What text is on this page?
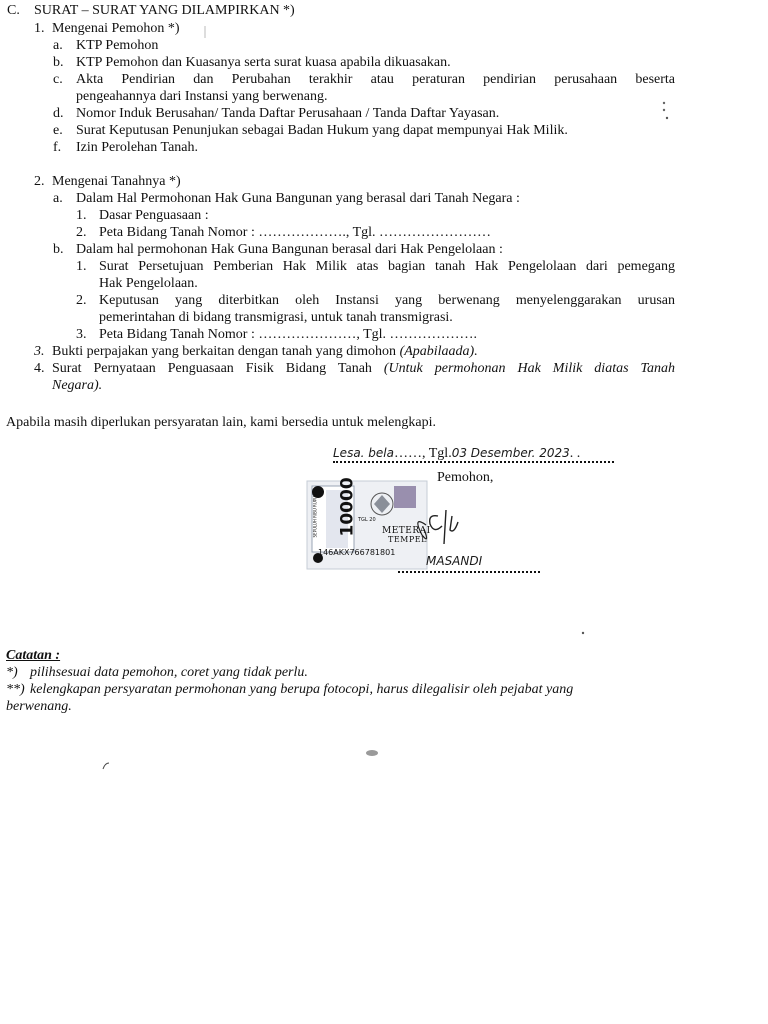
C. SURAT – SURAT YANG DILAMPIRKAN *)
1. Mengenai Pemohon *)
a. KTP Pemohon
b. KTP Pemohon dan Kuasanya serta surat kuasa apabila dikuasakan.
c. Akta Pendirian dan Perubahan terakhir atau peraturan pendirian perusahaan beserta
pengeahannya dari Instansi yang berwenang.
d. Nomor Induk Berusahan/ Tanda Daftar Perusahaan / Tanda Daftar Yayasan.
e. Surat Keputusan Penunjukan sebagai Badan Hukum yang dapat mempunyai Hak Milik.
f. Izin Perolehan Tanah.
2. Mengenai Tanahnya *)
a. Dalam Hal Permohonan Hak Guna Bangunan yang berasal dari Tanah Negara :
1. Dasar Penguasaan :
2. Peta Bidang Tanah Nomor : ………………., Tgl. ……………………
b. Dalam hal permohonan Hak Guna Bangunan berasal dari Hak Pengelolaan :
1. Surat Persetujuan Pemberian Hak Milik atas bagian tanah Hak Pengelolaan dari pemegang
Hak Pengelolaan.
2. Keputusan yang diterbitkan oleh Instansi yang berwenang menyelenggarakan urusan
pemerintahan di bidang transmigrasi, untuk tanah transmigrasi.
3. Peta Bidang Tanah Nomor : …………………, Tgl. ……………….
3. Bukti perpajakan yang berkaitan dengan tanah yang dimohon (Apabilaada).
4. Surat Pernyataan Penguasaan Fisik Bidang Tanah (Untuk permohonan Hak Milik diatas Tanah
Negara).
Apabila masih diperlukan persyaratan lain, kami bersedia untuk melengkapi.
Lesa. bela……, Tgl.03 Desember. 2023. .
Pemohon,
10000
SEPULUH RIBU RUPIAH	TGL 20
METERAI
TEMPEL
146AKX766781801
MASANDI
Catatan :
*) pilihsesuai data pemohon, coret yang tidak perlu.
**) kelengkapan persyaratan permohonan yang berupa fotocopi, harus dilegalisir oleh pejabat yang
berwenang.
